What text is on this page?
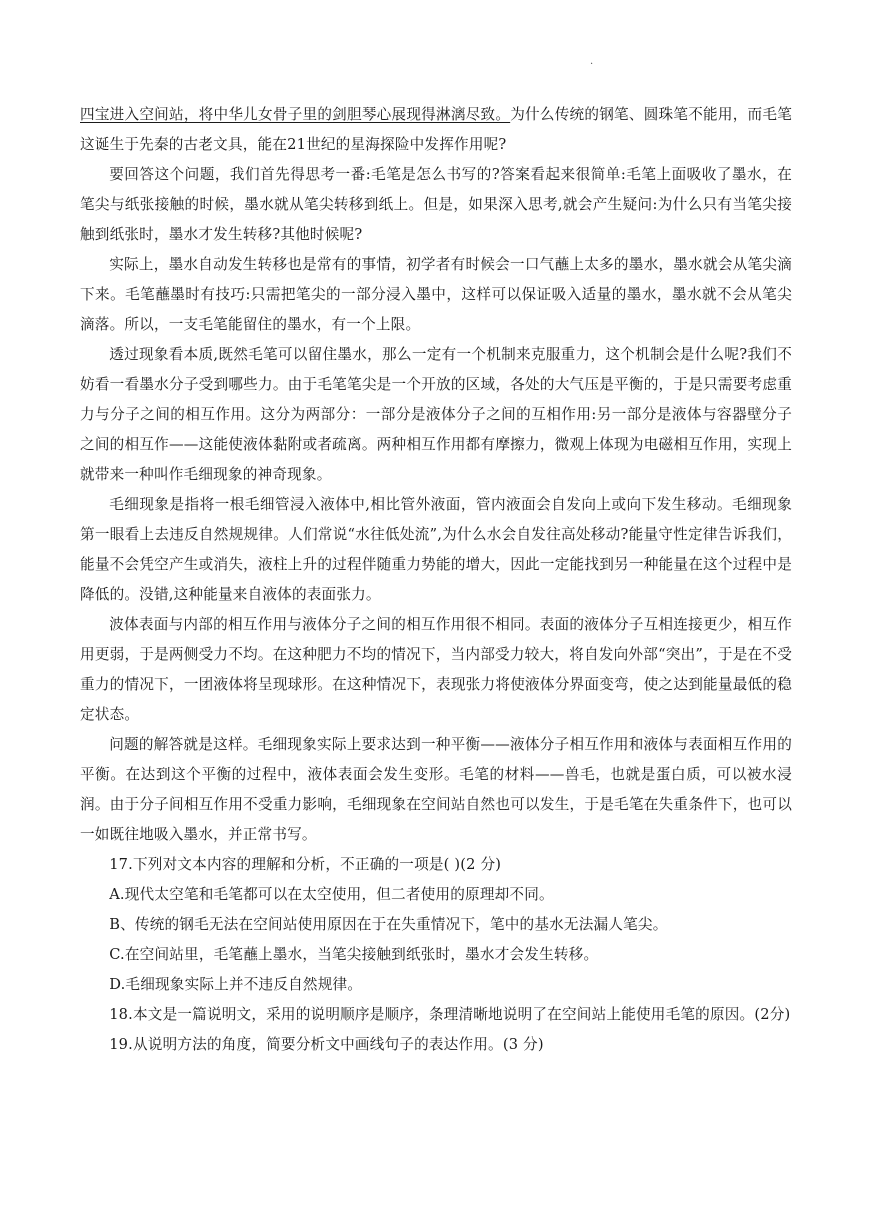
.

四宝进入空间站，将中华儿女骨子里的剑胆琴心展现得淋漓尽致。为什么传统的钢笔、圆珠笔不能用，而毛笔这诞生于先秦的古老文具，能在21世纪的星海探险中发挥作用呢?

要回答这个问题，我们首先得思考一番:毛笔是怎么书写的?答案看起来很简单:毛笔上面吸收了墨水，在笔尖与纸张接触的时候，墨水就从笔尖转移到纸上。但是，如果深入思考,就会产生疑问:为什么只有当笔尖接触到纸张时，墨水才发生转移?其他时候呢?

实际上，墨水自动发生转移也是常有的事情，初学者有时候会一口气蘸上太多的墨水，墨水就会从笔尖滴下来。毛笔蘸墨时有技巧:只需把笔尖的一部分浸入墨中，这样可以保证吸入适量的墨水，墨水就不会从笔尖滴落。所以，一支毛笔能留住的墨水，有一个上限。

透过现象看本质,既然毛笔可以留住墨水，那么一定有一个机制来克服重力，这个机制会是什么呢?我们不妨看一看墨水分子受到哪些力。由于毛笔笔尖是一个开放的区域，各处的大气压是平衡的，于是只需要考虑重力与分子之间的相互作用。这分为两部分：一部分是液体分子之间的互相作用:另一部分是液体与容器壁分子之间的相互作——这能使液体黏附或者疏离。两种相互作用都有摩擦力，微观上体现为电磁相互作用，实现上就带来一种叫作毛细现象的神奇现象。

毛细现象是指将一根毛细管浸入液体中,相比管外液面，管内液面会自发向上或向下发生移动。毛细现象第一眼看上去违反自然规规律。人们常说“水往低处流”,为什么水会自发往高处移动?能量守性定律告诉我们，能量不会凭空产生或消失，液柱上升的过程伴随重力势能的增大，因此一定能找到另一种能量在这个过程中是降低的。没错,这种能量来自液体的表面张力。

波体表面与内部的相互作用与液体分子之间的相互作用很不相同。表面的液体分子互相连接更少，相互作用更弱，于是两侧受力不均。在这种肥力不均的情况下，当内部受力较大，将自发向外部“突出”，于是在不受重力的情况下，一团液体将呈现球形。在这种情况下，表现张力将使液体分界面变弯，使之达到能量最低的稳定状态。

问题的解答就是这样。毛细现象实际上要求达到一种平衡——液体分子相互作用和液体与表面相互作用的平衡。在达到这个平衡的过程中，液体表面会发生变形。毛笔的材料——兽毛，也就是蛋白质，可以被水浸润。由于分子间相互作用不受重力影响，毛细现象在空间站自然也可以发生，于是毛笔在失重条件下，也可以一如既往地吸入墨水，并正常书写。

17.下列对文本内容的理解和分析，不正确的一项是( )(2 分)

A.现代太空笔和毛笔都可以在太空使用，但二者使用的原理却不同。

B、传统的钢毛无法在空间站使用原因在于在失重情况下，笔中的基水无法漏人笔尖。

C.在空间站里，毛笔蘸上墨水，当笔尖接触到纸张时，墨水才会发生转移。

D.毛细现象实际上并不违反自然规律。

18.本文是一篇说明文，采用的说明顺序是顺序，条理清晰地说明了在空间站上能使用毛笔的原因。(2分)

19.从说明方法的角度，简要分析文中画线句子的表达作用。(3 分)
